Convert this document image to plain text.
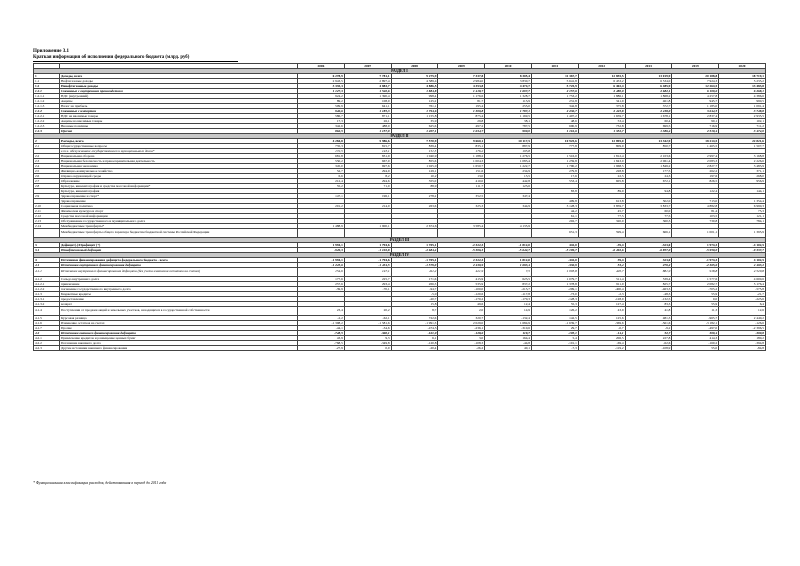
Приложение 3.1
Краткая информация об исполнении федерального бюджета (млрд. руб)
		2006	2007	2008	2009	2010	2011	2012	2013	2019	2020
РАЗДЕЛ I											
1	Доходы, всего	6 278,9	7 781,1	9 275,9	7 337,8	8 305,4	11 367,7	12 855,5	13 019,9	20 188,8	18 719,1
1.1	Нефтегазовые доходы	2 943,5	2 897,4	4 389,4	2 984,0	3 830,7	5 641,8	6 453,2	6 534,0	7 924,3	5 235,2
1.2	Ненефтегазовые доходы	3 335,3	4 883,7	4 886,5	4 353,8	4 474,7	5 725,9	6 402,4	6 485,9	12 264,5	13 483,8
1.2.1	Связанные с внутренним производством	1 127,3	1 540,6	1 884,8	1 418,7	1 697,7	2 157,6	2 480,0	2 682,1	6 109,6	6 268,1
1.2.1.1	НДС (внутренний)	924,2	1 390,4	998,4	1 176,6	1 328,7	1 753,2	1 886,1	1 868,2	4 257,8	4 386,6
1.2.1.2	Акцизы	89,2	108,0	125,2	81,7	113,9	231,8	341,9	461,8	945,7	990,5
1.2.1.3	Налог на прибыль	509,9	641,1	761,1	195,4	255,0	342,8	375,8	372,7	1 185,0	1 091,4
1.2.2	Связанные с импортом	946,6	1 185,3	1 794,6	1 300,8	1 787,1	2 236,7	2 445,8	2 438,0	3 644,5	3 748,8
1.2.2.1	НДС на ввозимые товары	586,7	871,1	1 155,8	875,4	1 169,5	1 497,2	1 659,7	1 678,1	2 837,4	2 935,5
1.2.2.2	Акцизы на ввозимые товары	17,3	26,1	35,9	29,8	38,1	48,6	53,4	60,4	90,1	102,1
1.2.2.3	Ввозные пошлины	342,6	488,0	625,6	497,2	787,5	690,9	732,8	699,5	716,9	711,2
1.2.3	Прочие	862,5	1 157,9	1 207,1	1 634,7	990,0	1 161,6	1 352,7	1 386,4	2 510,4	3 474,0
РАЗДЕЛ II											
2	Расходы, всего	4 284,8	5 986,6	7 570,9	9 660,1	10 117,5	10 925,6	12 895,0	13 342,9	18 214,5	22 821,6
2.1	Общегосударственные вопросы	735,3	815,7	839,4	835,1	887,9	777,8	809,9	850,7	1 465,5	1 507,7
	в т.ч. обслуживание государственного и муниципального долга*	172,5	143,1	151,5	176,2	195,8					
2.2	Национальная оборона	681,8	831,9	1 040,9	1 188,2	1 276,5	1 516,0	1 812,4	2 103,6	2 997,4	3 168,8
2.3	Национальная безопасность и правоохранительная деятельность	550,2	667,0	855,6	1 004,3	1 083,4	1 259,8	1 843,0	2 061,4	2 083,3	2 226,6
2.4	Национальная экономика	345,0	697,6	1 025,0	1 650,7	1 222,7	1 790,2	1 968,5	1 849,2	2 827,7	3 483,9
2.5	Жилищно-коммунальное хозяйство	52,7	294,9	129,1	151,6	234,9	279,8	228,8	177,5	262,2	371,1
2.6	Охрана окружающей среды	6,6	8,2	10,2	13,0	13,5	17,6	22,5	24,3	197,6	268,0
2.7	Образование	212,4	294,6	355,0	410,0	442,8	553,4	605,8	672,1	826,5	956,9
2.8	Культура, кинематография и средства массовой информации*	55,2	71,0	88,9	111,7	123,6					
	Культура, кинематография						83,8	89,9	94,8	122,4	144,1
2.9	Здравоохранение и спорт*	147,1	196,1	278,2	352,5	347,4					
	Здравоохранение						499,8	613,8	502,0	713,0	1 354,4
2.10	Социальная политика	201,2	214,0	263,6	325,3	344,9	3 128,3	3 859,7	3 833,7	4 882,8	6 990,3
2.11	Физическая культура и спорт						44,2	45,7	60,0	81,4	75,3
2.12	Средства массовой информации						61,1	77,5	77,5	103,5	121,1
2.13	Обслуживание государственного и муниципального долга						202,7	320,0	360,3	730,8	784,1
2.14	Межбюджетные трансферты*	1 488,9	1 900,1	2 674,6	3 585,4	4 135,9					
	Межбюджетные трансферты общего характера бюджетам бюджетной системы Российской Федерации						651,3	599,4	666,1	1 001,1	1 395,9
РАЗДЕЛ III											
3	Дефицит(-)/Профицит (+)	1 994,1	1 794,6	1 705,1	-2 322,3	-1 812,0	442,0	-39,4	-323,0	1 974,3	-4 102,5
3.1	Ненефтегазовый дефицит	-949,3	-1 102,8	-2 684,4	-5 306,3	-5 642,7	-5 199,7	-6 492,6	-6 857,0	-5 950,0	-9 337,7
РАЗДЕЛ IV											
4	Источники финансирования дефицита федерального бюджета - всего	-1 994,1	-1 794,6	-1 705,1	2 322,3	1 812,0	-442,0	39,4	323,0	-1 974,3	4 102,5
4.1	Источники внутреннего финансирования дефицита	-1 245,6	-1 434,5	-1 579,0	2 430,9	1 693,4	-336,9	53,4	270,2	-2 365,6	4 403,2
4.1.1	Источники внутреннего финансирования дефицита (без учета изменения остатков на счетах)	154,6	147,1	411,2	421,9	7,5	1 003,8	420,7	881,9	918,8	4 529,8
4.1.2	Сальдо внутреннего долга	177,6	225,7	171,6	415,9	623,5	1 079,7	511,4	539,4	1 577,6	4 600,6
4.1.2.1	привлечение	257,6	293,4	266,3	535,9	837,2	1 378,8	911,9	825,7	2 082,7	5 176,4
4.1.2.2	погашение государственного внутреннего долга	-39,9	-70,1	-94,7	-100,0	-213,7	-299,1	-400,4	-463,3	-705,2	-575,8
4.1.3	Бюджетные кредиты			-5,0	-120,6	-117,8	-73,0	-2,3	-48,3	55,9	-21,7
4.1.3.1	предоставление			-20,7	-170,2	-170,3	-128,3	-128,9	-132,5	0,0	-223,6
4.1.3.2	возврат			15,8	49,6	12,4	55,3	127,4	83,3	55,9	6,4
4.1.4	Поступления от продажи акций и земельных участков, находящихся в государственной собственности	23,4	20,2	8,7	2,0	14,9	126,2	43,9	41,8	11,3	12,6
4.1.5	Курсовая разница	-2,2	-62,1	722,6	320,7	-132,4	142,5	125,6	481,3	-965,7	2 440,2
4.1.6	Изменение остатков на счетах	-1 398,2	-1 581,6	-1 991,3	2 029,0	1 684,9	-1 639,7	-369,6	-561,6	-3 182,1	-126,6
4.1.7	Прочие	-44,1	-34,6	-474,5	-236,1	-310,6	29,7	-0,7	-9,2	-497,0	-2 396,5
4.2	Источники внешнего финансирования дефицита	-748,5	-360,1	-161,0	-128,6	119,7	-105,1	-14,1	52,7	309,4	-300,8
4.2.1	Привлечение кредитов и размещение ценных бумаг	43,9	9,3	6,1	3,0	164,4	5,4	206,5	227,8	414,3	180,2
4.2.2	Погашение внешнего долга	-768,5	-349,8	-120,8	-108,3	-44,8	-101,1	-69,4	-62,6	-160,2	-394,8
4.2.3	Другие источники внешнего финансирования	-27,9	0,0	-20,4	-26,2	40,1	-7,3	-119,2	-108,9	55,0	-84,8
* Функциональная классификация расходов, действовавшая в период до 2011 года
